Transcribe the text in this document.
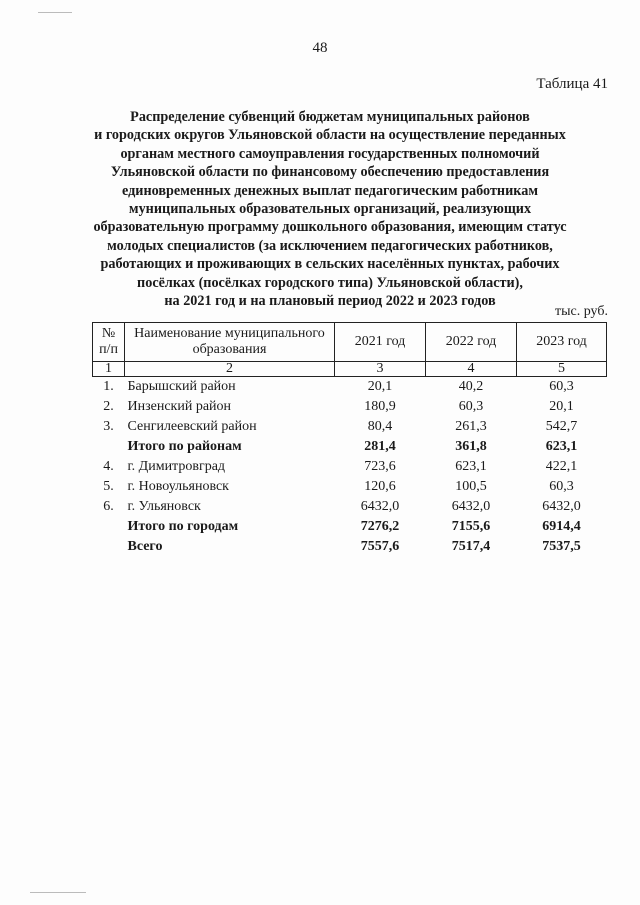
48
Таблица 41
Распределение субвенций бюджетам муниципальных районов
и городских округов Ульяновской области на осуществление переданных
органам местного самоуправления государственных полномочий
Ульяновской области по финансовому обеспечению предоставления
единовременных денежных выплат педагогическим работникам
муниципальных образовательных организаций, реализующих
образовательную программу дошкольного образования, имеющим статус
молодых специалистов (за исключением педагогических работников,
работающих и проживающих в сельских населённых пунктах, рабочих
посёлках (посёлках городского типа) Ульяновской области),
на 2021 год и на плановый период 2022 и 2023 годов
тыс. руб.
№ п/п	Наименование муниципального образования	2021 год	2022 год	2023 год
1	2	3	4	5
1.	Барышский район	20,1	40,2	60,3
2.	Инзенский район	180,9	60,3	20,1
3.	Сенгилеевский район	80,4	261,3	542,7
	Итого по районам	281,4	361,8	623,1
4.	г. Димитровград	723,6	623,1	422,1
5.	г. Новоульяновск	120,6	100,5	60,3
6.	г. Ульяновск	6432,0	6432,0	6432,0
	Итого по городам	7276,2	7155,6	6914,4
	Всего	7557,6	7517,4	7537,5
